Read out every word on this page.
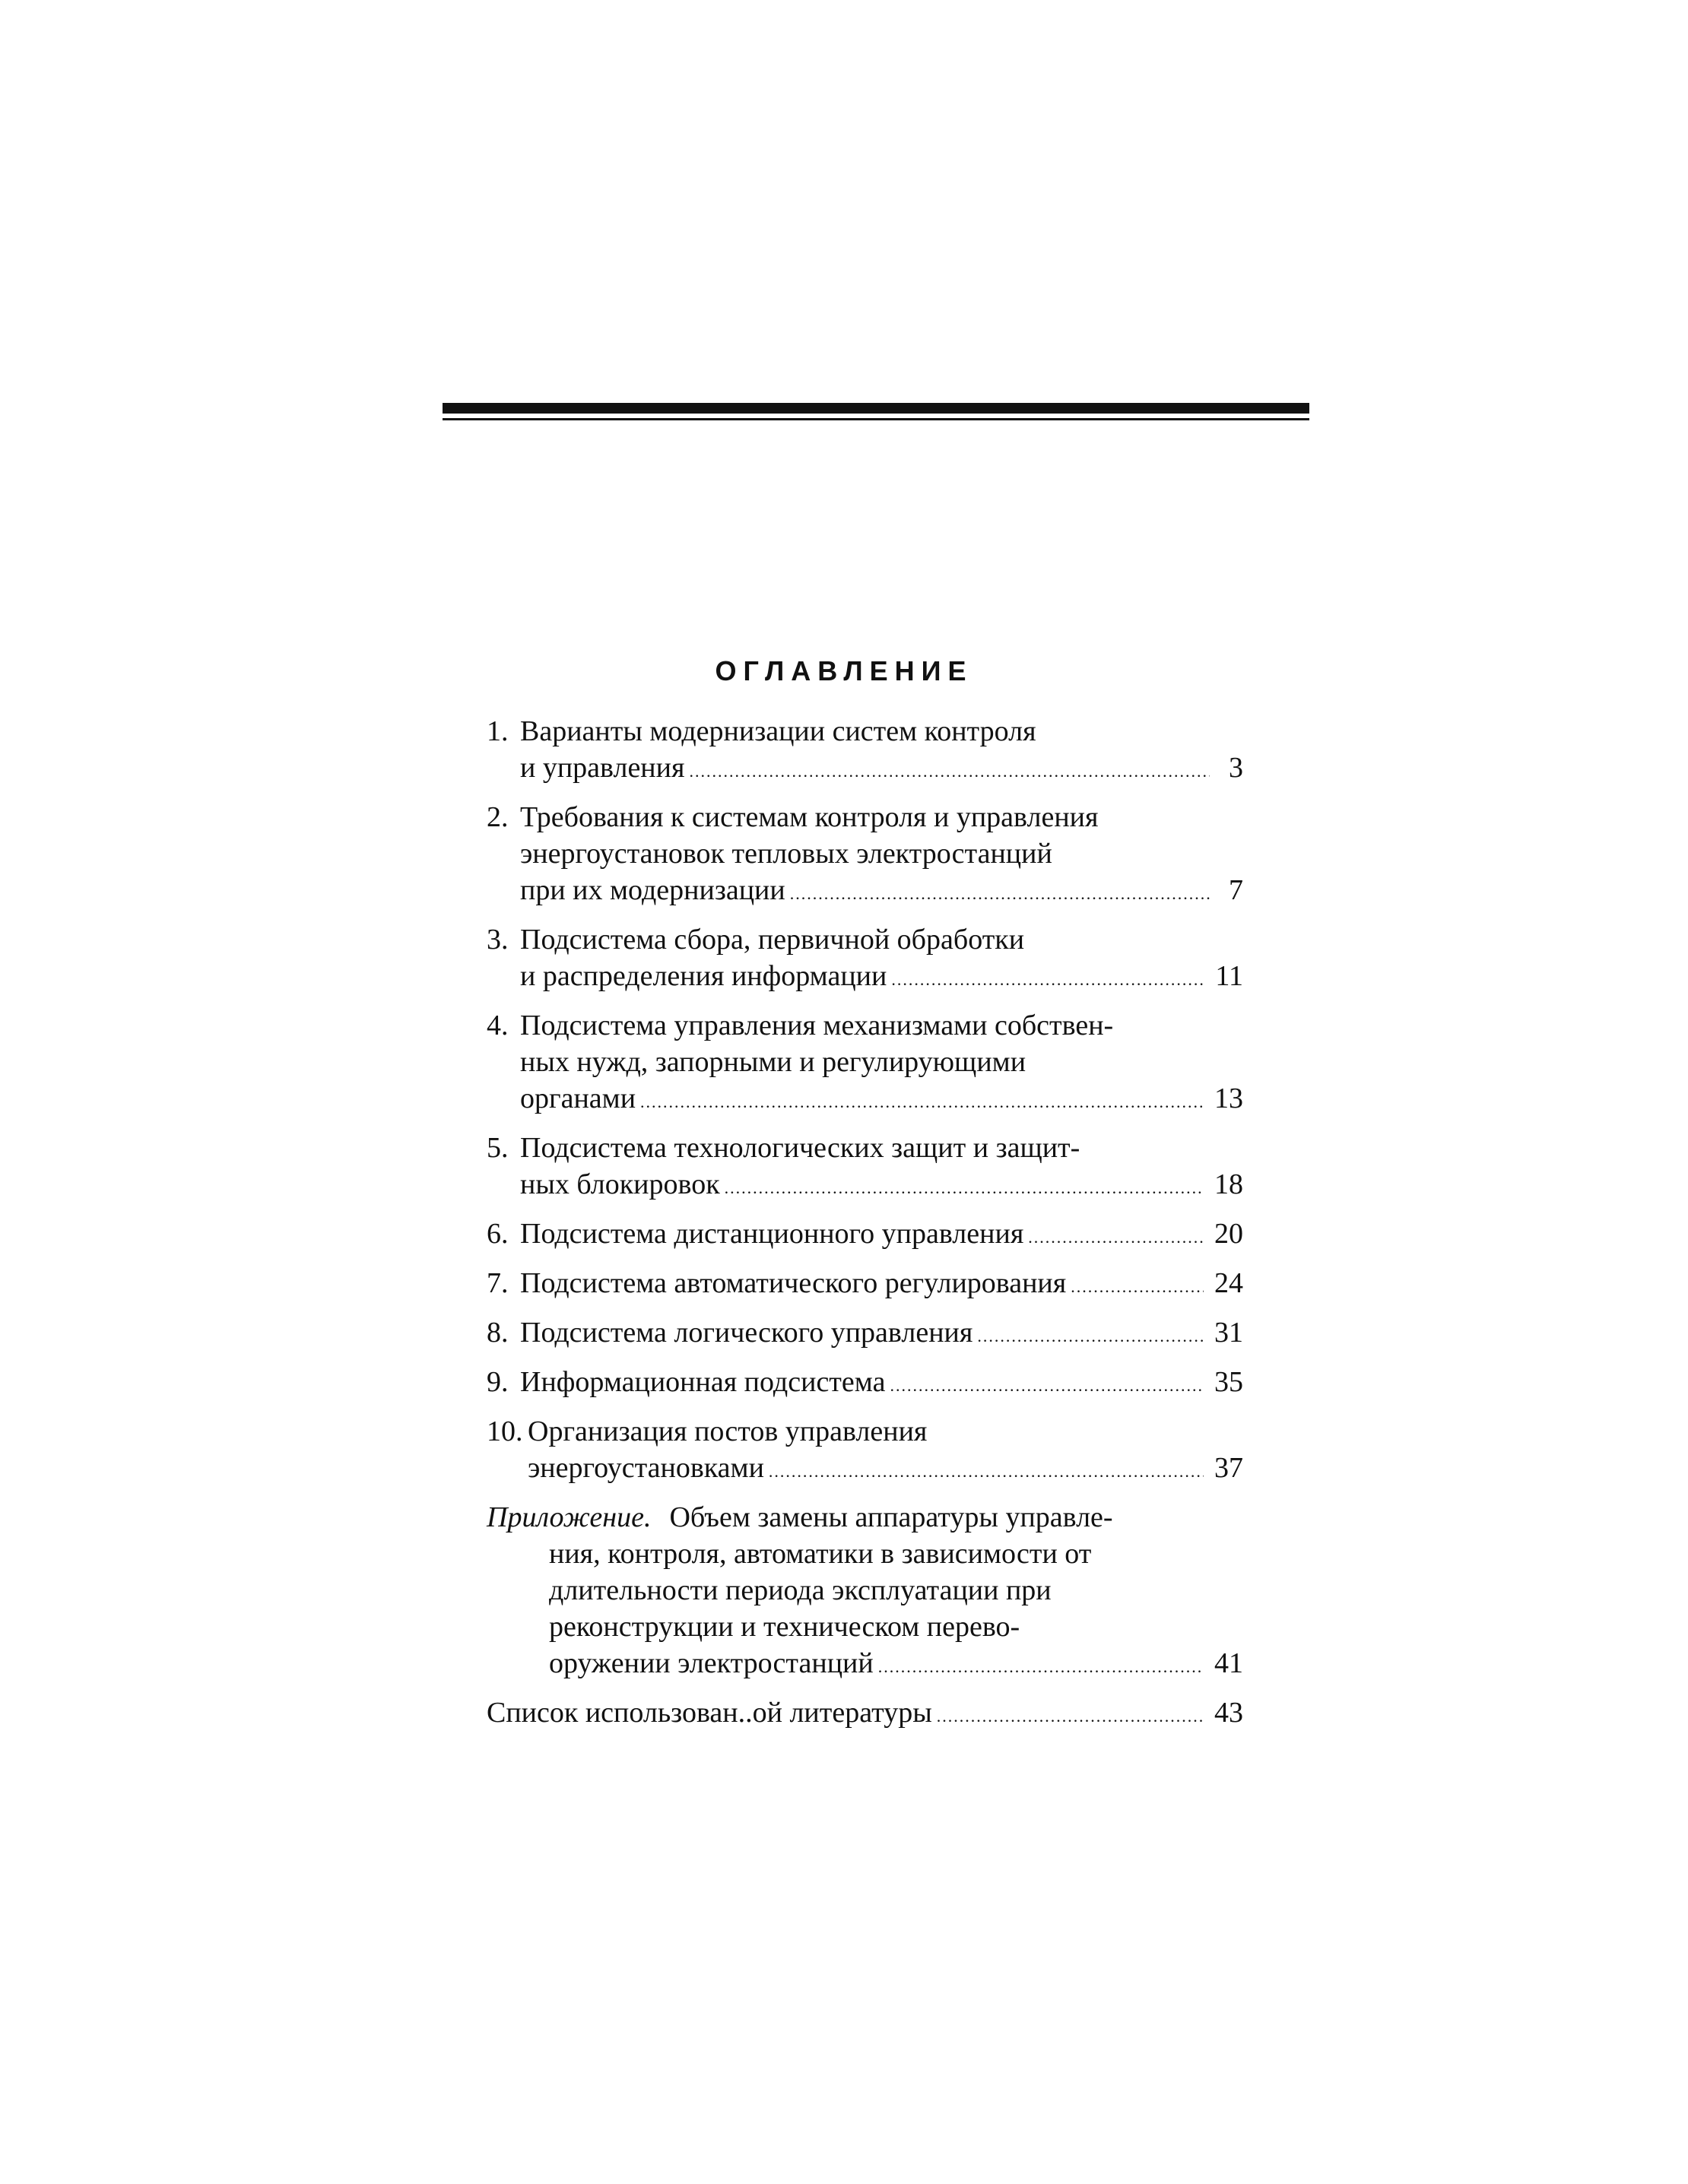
ОГЛАВЛЕНИЕ
1. Варианты модернизации систем контроля
и управления .....	3
2. Требования к системам контроля и управления
энергоустановок тепловых электростанций
при их модернизации .....	7
3. Подсистема сбора, первичной обработки
и распределения информации .....	11
4. Подсистема управления механизмами собствен-
ных нужд, запорными и регулирующими
органами .....	13
5. Подсистема технологических защит и защит-
ных блокировок .....	18
6. Подсистема дистанционного управления .....	20
7. Подсистема автоматического регулирования .....	24
8. Подсистема логического управления .....	31
9. Информационная подсистема .....	35
10. Организация постов управления
энергоустановками .....	37
Приложение. Объем замены аппаратуры управле-
ния, контроля, автоматики в зависимости от
длительности периода эксплуатации при
реконструкции и техническом перево-
оружении электростанций .....	41
Список использован..ой литературы .....	43
